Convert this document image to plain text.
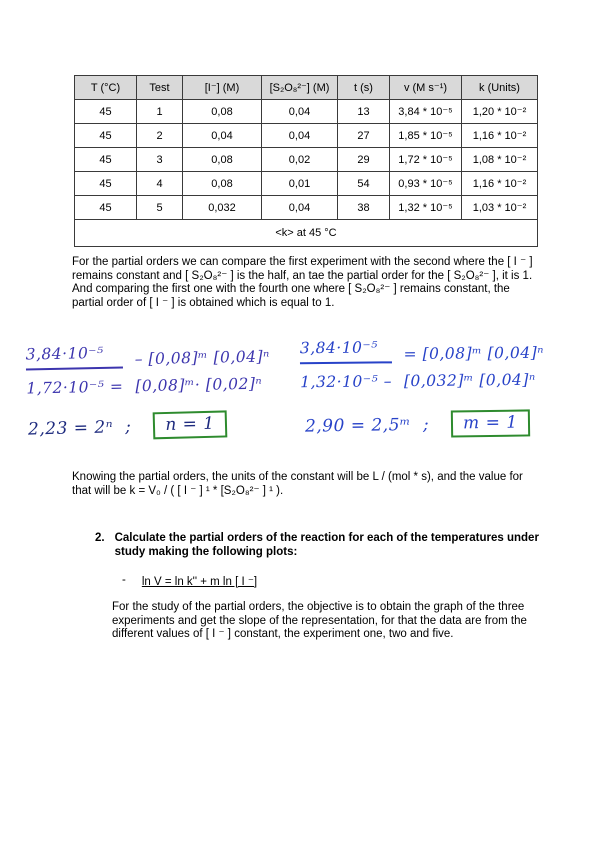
T (°C)	Test	[I⁻] (M)	[S₂O₈²⁻] (M)	t (s)	v (M s⁻¹)	k (Units)
45	1	0,08	0,04	13	3,84 * 10⁻⁵	1,20 * 10⁻²
45	2	0,04	0,04	27	1,85 * 10⁻⁵	1,16 * 10⁻²
45	3	0,08	0,02	29	1,72 * 10⁻⁵	1,08 * 10⁻²
45	4	0,08	0,01	54	0,93 * 10⁻⁵	1,16 * 10⁻²
45	5	0,032	0,04	38	1,32 * 10⁻⁵	1,03 * 10⁻²
<k> at 45 °C						
For the partial orders we can compare the first experiment with the second where the [ I ⁻ ] remains constant and [ S₂O₈²⁻ ] is the half, an tae the partial order for the [ S₂O₈²⁻ ], it is 1. And comparing the first one with the fourth one where [ S₂O₈²⁻ ] remains constant, the partial order of [ I ⁻ ] is obtained which is equal to 1.
3,84·10⁻⁵	– [0,08]ᵐ [0,04]ⁿ
1,72·10⁻⁵ = [0,08]ᵐ· [0,02]ⁿ
3,84·10⁻⁵	= [0,08]ᵐ [0,04]ⁿ
1,32·10⁻⁵ – [0,032]ᵐ [0,04]ⁿ
2,23 = 2ⁿ ;	n = 1	2,90 = 2,5ᵐ ;	m = 1
Knowing the partial orders, the units of the constant will be L / (mol * s), and the value for that will be k = V₀ / ( [ I ⁻ ] ¹ * [S₂O₈²⁻ ] ¹ ).
2. Calculate the partial orders of the reaction for each of the temperatures under study making the following plots:
- ln V = ln k'' + m ln [ I ⁻]
For the study of the partial orders, the objective is to obtain the graph of the three experiments and get the slope of the representation, for that the data are from the different values of [ I ⁻ ] constant, the experiment one, two and five.
